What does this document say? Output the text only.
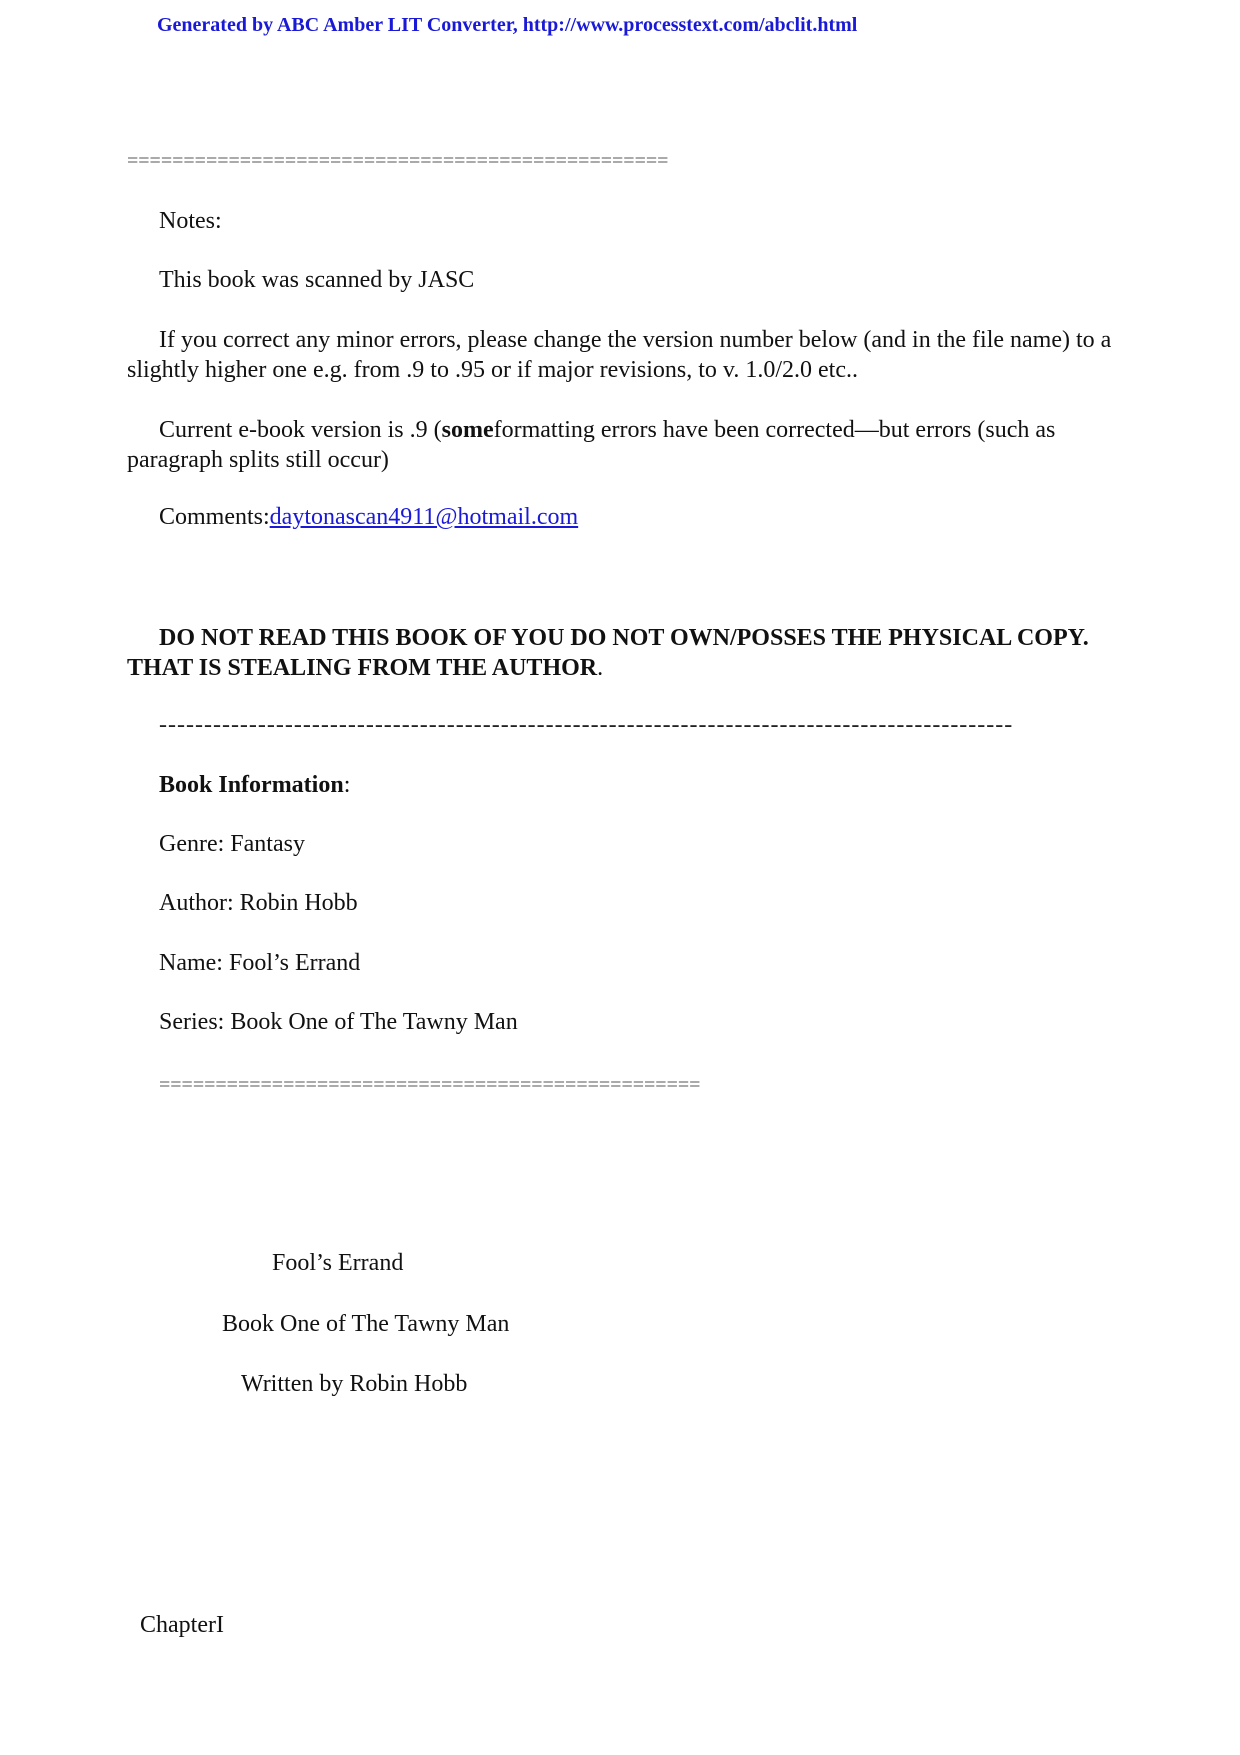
Generated by ABC Amber LIT Converter, http://www.processtext.com/abclit.html
================================================
Notes:
This book was scanned by JASC
If you correct any minor errors, please change the version number below (and in the file name) to a slightly higher one e.g. from .9 to .95 or if major revisions, to v. 1.0/2.0 etc..
Current e-book version is .9 (someformatting errors have been corrected—but errors (such as paragraph splits still occur)
Comments:daytonascan4911@hotmail.com
DO NOT READ THIS BOOK OF YOU DO NOT OWN/POSSES THE PHYSICAL COPY. THAT IS STEALING FROM THE AUTHOR.
-----------------------------------------------------------------------------------------------
Book Information:
Genre: Fantasy
Author: Robin Hobb
Name: Fool’s Errand
Series: Book One of The Tawny Man
================================================
Fool’s Errand
Book One of The Tawny Man
Written by Robin Hobb
ChapterI
